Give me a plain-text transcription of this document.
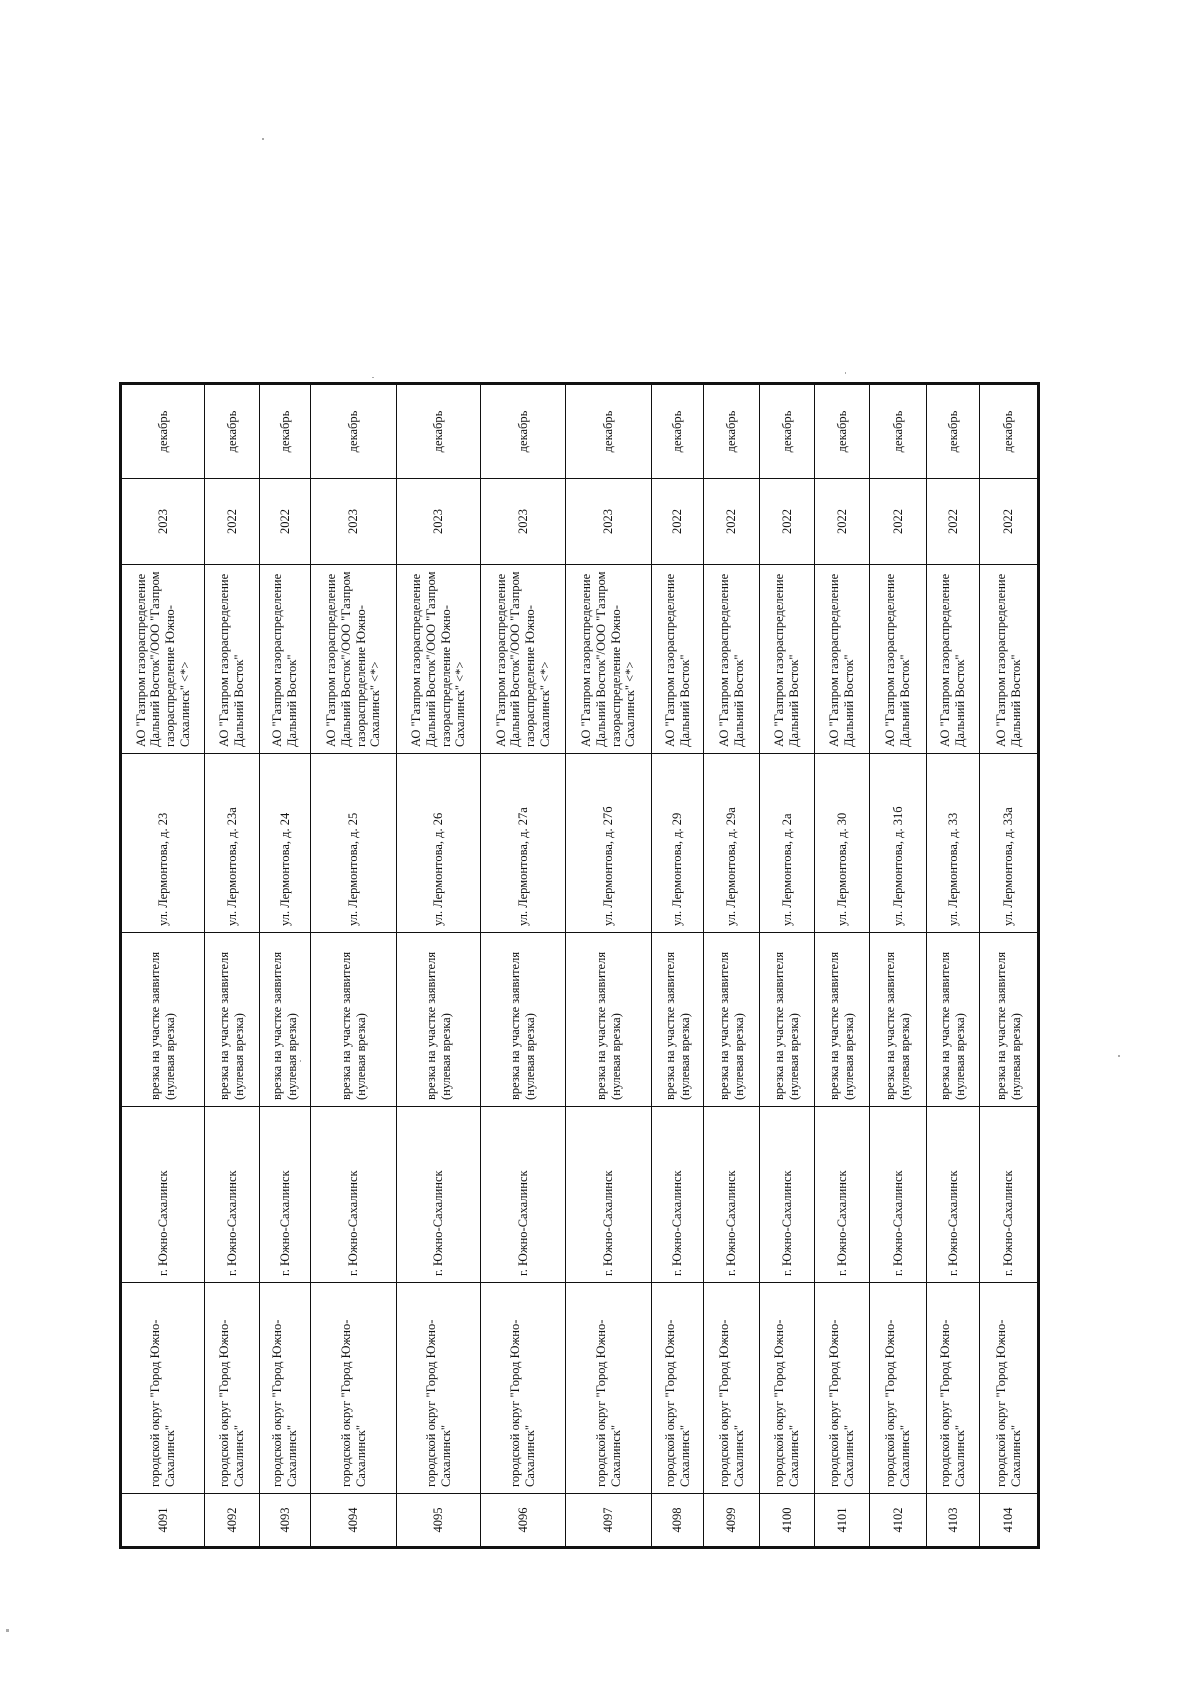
4091	городской округ "Город Южно-Сахалинск"	г. Южно-Сахалинск	врезка на участке заявителя (нулевая врезка)	ул. Лермонтова, д. 23	АО "Газпром газораспределение Дальний Восток"/ООО "Газпром газораспределение Южно-Сахалинск" <*>	2023	декабрь
4092	городской округ "Город Южно-Сахалинск"	г. Южно-Сахалинск	врезка на участке заявителя (нулевая врезка)	ул. Лермонтова, д. 23а	АО "Газпром газораспределение Дальний Восток"	2022	декабрь
4093	городской округ "Город Южно-Сахалинск"	г. Южно-Сахалинск	врезка на участке заявителя (нулевая врезка)	ул. Лермонтова, д. 24	АО "Газпром газораспределение Дальний Восток"	2022	декабрь
4094	городской округ "Город Южно-Сахалинск"	г. Южно-Сахалинск	врезка на участке заявителя (нулевая врезка)	ул. Лермонтова, д. 25	АО "Газпром газораспределение Дальний Восток"/ООО "Газпром газораспределение Южно-Сахалинск" <*>	2023	декабрь
4095	городской округ "Город Южно-Сахалинск"	г. Южно-Сахалинск	врезка на участке заявителя (нулевая врезка)	ул. Лермонтова, д. 26	АО "Газпром газораспределение Дальний Восток"/ООО "Газпром газораспределение Южно-Сахалинск" <*>	2023	декабрь
4096	городской округ "Город Южно-Сахалинск"	г. Южно-Сахалинск	врезка на участке заявителя (нулевая врезка)	ул. Лермонтова, д. 27а	АО "Газпром газораспределение Дальний Восток"/ООО "Газпром газораспределение Южно-Сахалинск" <*>	2023	декабрь
4097	городской округ "Город Южно-Сахалинск"	г. Южно-Сахалинск	врезка на участке заявителя (нулевая врезка)	ул. Лермонтова, д. 27б	АО "Газпром газораспределение Дальний Восток"/ООО "Газпром газораспределение Южно-Сахалинск" <*>	2023	декабрь
4098	городской округ "Город Южно-Сахалинск"	г. Южно-Сахалинск	врезка на участке заявителя (нулевая врезка)	ул. Лермонтова, д. 29	АО "Газпром газораспределение Дальний Восток"	2022	декабрь
4099	городской округ "Город Южно-Сахалинск"	г. Южно-Сахалинск	врезка на участке заявителя (нулевая врезка)	ул. Лермонтова, д. 29а	АО "Газпром газораспределение Дальний Восток"	2022	декабрь
4100	городской округ "Город Южно-Сахалинск"	г. Южно-Сахалинск	врезка на участке заявителя (нулевая врезка)	ул. Лермонтова, д. 2а	АО "Газпром газораспределение Дальний Восток"	2022	декабрь
4101	городской округ "Город Южно-Сахалинск"	г. Южно-Сахалинск	врезка на участке заявителя (нулевая врезка)	ул. Лермонтова, д. 30	АО "Газпром газораспределение Дальний Восток"	2022	декабрь
4102	городской округ "Город Южно-Сахалинск"	г. Южно-Сахалинск	врезка на участке заявителя (нулевая врезка)	ул. Лермонтова, д. 31б	АО "Газпром газораспределение Дальний Восток"	2022	декабрь
4103	городской округ "Город Южно-Сахалинск"	г. Южно-Сахалинск	врезка на участке заявителя (нулевая врезка)	ул. Лермонтова, д. 33	АО "Газпром газораспределение Дальний Восток"	2022	декабрь
4104	городской округ "Город Южно-Сахалинск"	г. Южно-Сахалинск	врезка на участке заявителя (нулевая врезка)	ул. Лермонтова, д. 33а	АО "Газпром газораспределение Дальний Восток"	2022	декабрь
